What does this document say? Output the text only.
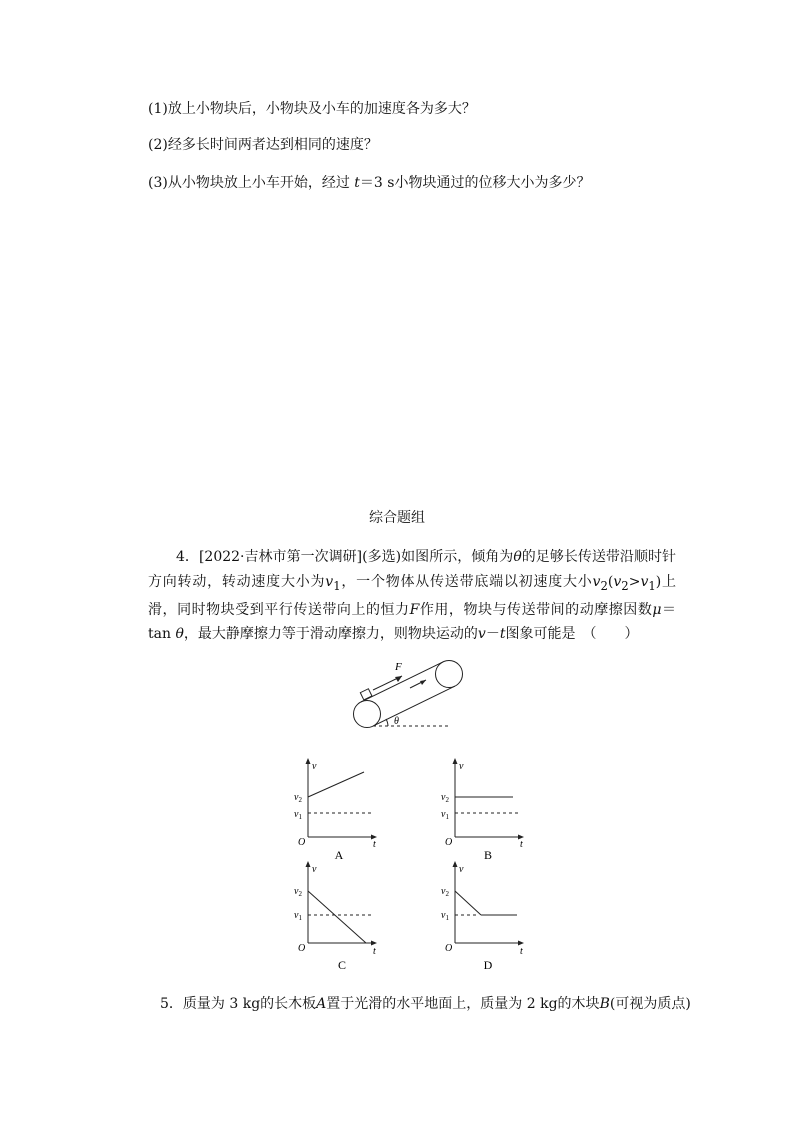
(1)放上小物块后，小物块及小车的加速度各为多大？
(2)经多长时间两者达到相同的速度？
(3)从小物块放上小车开始，经过 t＝3 s小物块通过的位移大小为多少？
综合题组
4．[2022·吉林市第一次调研](多选)如图所示，倾角为θ的足够长传送带沿顺时针方向转动，转动速度大小为$v_1$，一个物体从传送带底端以初速度大小$v_2(v_2>v_1)$上滑，同时物块受到平行传送带向上的恒力F作用，物块与传送带间的动摩擦因数μ＝tan θ，最大静摩擦力等于滑动摩擦力，则物块运动的v－t图象可能是　（　　）
F
θ
v
t
O
$v_2$
$v_1$
A
v
t
O
$v_2$
$v_1$
B
v
t
O
$v_2$
$v_1$
C
v
t
O
$v_2$
$v_1$
D
5．质量为 3 kg的长木板A置于光滑的水平地面上，质量为 2 kg的木块B(可视为质点)
